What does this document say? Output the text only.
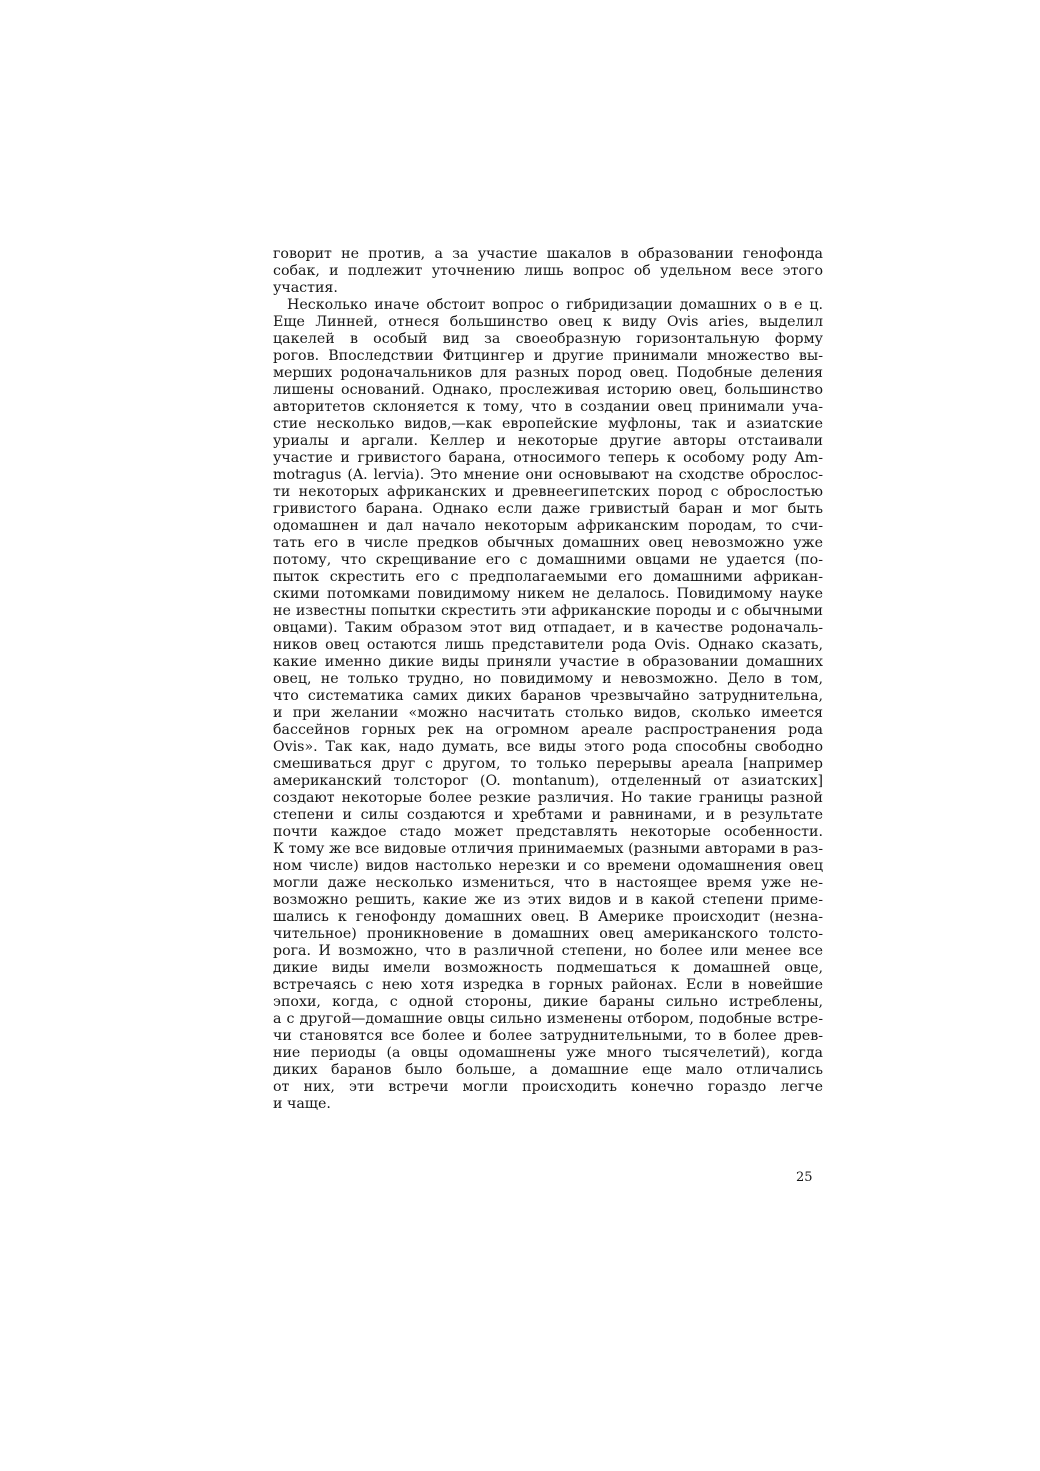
говорит не против, а за участие шакалов в образовании генофонда
собак, и подлежит уточнению лишь вопрос об удельном весе этого
участия.
Несколько иначе обстоит вопрос о гибридизации домашних о в е ц.
Еще Линней, отнеся большинство овец к виду Ovis aries, выделил
цакелей в особый вид за своеобразную горизонтальную форму
рогов. Впоследствии Фитцингер и другие принимали множество вы-
мерших родоначальников для разных пород овец. Подобные деления
лишены оснований. Однако, прослеживая историю овец, большинство
авторитетов склоняется к тому, что в создании овец принимали уча-
стие несколько видов,—как европейские муфлоны, так и азиатские
уриалы и аргали. Келлер и некоторые другие авторы отстаивали
участие и гривистого барана, относимого теперь к особому роду Am-
motragus (A. lervia). Это мнение они основывают на сходстве оброслос-
ти некоторых африканских и древнеегипетских пород с оброслостью
гривистого барана. Однако если даже гривистый баран и мог быть
одомашнен и дал начало некоторым африканским породам, то счи-
тать его в числе предков обычных домашних овец невозможно уже
потому, что скрещивание его с домашними овцами не удается (по-
пыток скрестить его с предполагаемыми его домашними африкан-
скими потомками повидимому никем не делалось. Повидимому науке
не известны попытки скрестить эти африканские породы и с обычными
овцами). Таким образом этот вид отпадает, и в качестве родоначаль-
ников овец остаются лишь представители рода Ovis. Однако сказать,
какие именно дикие виды приняли участие в образовании домашних
овец, не только трудно, но повидимому и невозможно. Дело в том,
что систематика самих диких баранов чрезвычайно затруднительна,
и при желании «можно насчитать столько видов, сколько имеется
бассейнов горных рек на огромном ареале распространения рода
Ovis». Так как, надо думать, все виды этого рода способны свободно
смешиваться друг с другом, то только перерывы ареала [например
американский толсторог (O. montanum), отделенный от азиатских]
создают некоторые более резкие различия. Но такие границы разной
степени и силы создаются и хребтами и равнинами, и в результате
почти каждое стадо может представлять некоторые особенности.
К тому же все видовые отличия принимаемых (разными авторами в раз-
ном числе) видов настолько нерезки и со времени одомашнения овец
могли даже несколько измениться, что в настоящее время уже не-
возможно решить, какие же из этих видов и в какой степени приме-
шались к генофонду домашних овец. В Америке происходит (незна-
чительное) проникновение в домашних овец американского толсто-
рога. И возможно, что в различной степени, но более или менее все
дикие виды имели возможность подмешаться к домашней овце,
встречаясь с нею хотя изредка в горных районах. Если в новейшие
эпохи, когда, с одной стороны, дикие бараны сильно истреблены,
а с другой—домашние овцы сильно изменены отбором, подобные встре-
чи становятся все более и более затруднительными, то в более древ-
ние периоды (а овцы одомашнены уже много тысячелетий), когда
диких баранов было больше, а домашние еще мало отличались
от них, эти встречи могли происходить конечно гораздо легче
и чаще.
25
